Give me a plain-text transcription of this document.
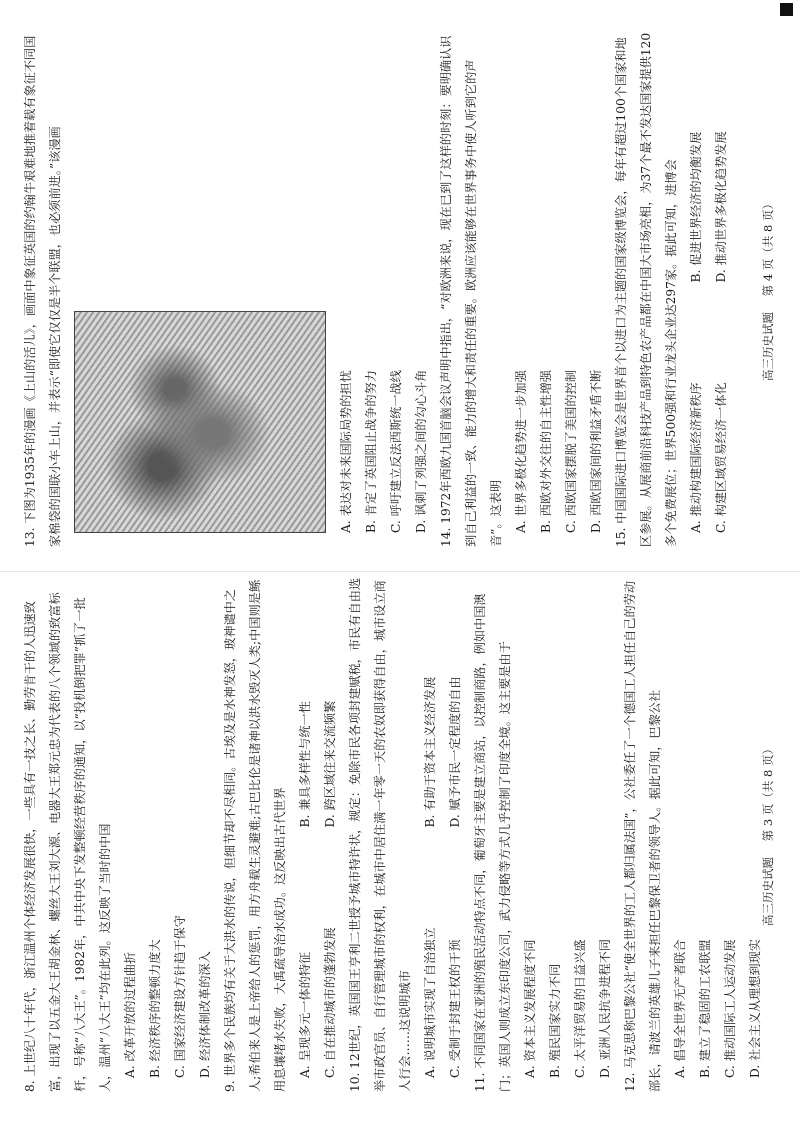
8. 上世纪八十年代，浙江温州个体经济发展很快，一些具有一技之长、勤劳肯干的人迅速致富，出现了以五金大王胡金林、螺丝大王刘大源、电器大王郑元忠为代表的八个领域的致富标杆，号称“八大王”。1982年，中共中央下发整顿经营秩序的通知，以“投机倒把罪”抓了一批人，温州“八大王”均在此列。这反映了当时的中国 A. 改革开放的过程曲折 B. 经济秩序的整顿力度大 C. 国家经济建设方针趋于保守 D. 经济体制改革的深入 9. 世界多个民族均有关于大洪水的传说，但细节却不尽相同。古埃及是水神发怒，玻神谴中之人;希伯来人是上帝给人的惩罚，用方舟载生灵避难;古巴比伦是诸神以洪水毁灭人类;中国则是鲧用息壤堵水失败，大禹疏导治水成功。这反映出古代世界 A. 呈现多元一体的特征

B. 兼具多样性与统一性

C. 自在推动城市的蓬勃发展

D. 跨区域往来交流频繁 10. 12世纪，英国国王亨利二世授予城市特许状，规定：免除市民各项封建赋税，市民有自由选举市政官员、自行管理城市的权利，在城市中居住满一年零一天的农奴即获得自由，城市设立商人行会……这说明城市 A. 说明城市实现了自治独立

B. 有助于资本主义经济发展

C. 受制于封建王权的干预

D. 赋予市民一定程度的自由 11. 不同国家在亚洲的殖民活动特点不同，葡萄牙主要是建立商站，以控制商路，例如中国澳门；英国人则成立东印度公司，武力侵略等方式几乎控制了印度全境。这主要是由于 A. 资本主义发展程度不同 B. 殖民国家实力不同 C. 太平洋贸易的日益兴盛 D. 亚洲人民抗争进程不同 12. 马克思称巴黎公社“使全世界的工人都归属法国”，公社委任了一个德国工人担任自己的劳动部长，请波兰的英雄儿子来担任巴黎保卫者的领导人。据此可知，巴黎公社 A. 倡导全世界无产者联合 B. 建立了稳固的工农联盟 C. 推动国际工人运动发展 D. 社会主义从理想到现实

高三历史试题 第 3 页（共 8 页）

13. 下图为1935年的漫画《上山的活儿》，画面中象征英国的约翰牛艰难地推着载有象征不同国家棉袋的国联小车上山，并表示“即使它仅仅是半个联盟，也必须前进。”该漫画	A. 表达对未来国际局势的担忧 B. 肯定了英国阻止战争的努力 C. 呼吁建立反法西斯统一战线 D. 讽刺了列强之间的勾心斗角 14. 1972年西欧九国首脑会议声明中指出，“对欧洲来说，现在已到了这样的时刻：要明确认识到自己利益的一致、能力的增大和责任的重要。欧洲应该能够在世界事务中使人听到它的声音”。这表明 A. 世界多极化趋势进一步加强 B. 西欧对外交往的自主性增强 C. 西欧国家摆脱了美国的控制 D. 西欧国家间的利益矛盾不断 15. 中国国际进口博览会是世界首个以进口为主题的国家级博览会，每年有超过100个国家和地区参展。从展商前沿科技产品到特色农产品都在中国大市场亮相，为37个最不发达国家提供120多个免费展位；世界500强和行业龙头企业达297家。据此可知，进博会 A. 推动构建国际经济新秩序

B. 促进世界经济的均衡发展

C. 构建区域贸易经济一体化

D. 推动世界多极化趋势发展

高三历史试题 第 4 页（共 8 页）
